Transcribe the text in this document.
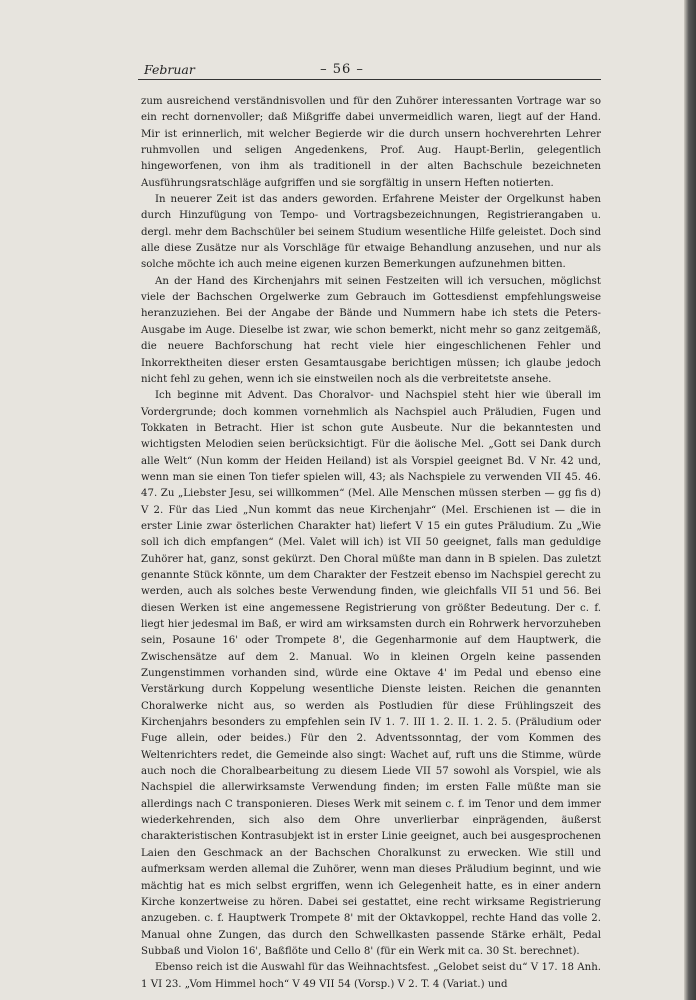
Februar	– 56 –

zum ausreichend verständnisvollen und für den Zuhörer interessanten Vortrage war so ein recht dornenvoller; daß Mißgriffe dabei unvermeidlich waren, liegt auf der Hand. Mir ist erinnerlich, mit welcher Begierde wir die durch unsern hochverehrten Lehrer ruhmvollen und seligen Angedenkens, Prof. Aug. Haupt-Berlin, gelegentlich hingeworfenen, von ihm als traditionell in der alten Bachschule bezeichneten Ausführungsratschläge aufgriffen und sie sorgfältig in unsern Heften notierten.

In neuerer Zeit ist das anders geworden. Erfahrene Meister der Orgelkunst haben durch Hinzufügung von Tempo- und Vortragsbezeichnungen, Registrierangaben u. dergl. mehr dem Bachschüler bei seinem Studium wesentliche Hilfe geleistet. Doch sind alle diese Zusätze nur als Vorschläge für etwaige Behandlung anzusehen, und nur als solche möchte ich auch meine eigenen kurzen Bemerkungen aufzunehmen bitten.

An der Hand des Kirchenjahrs mit seinen Festzeiten will ich versuchen, möglichst viele der Bachschen Orgelwerke zum Gebrauch im Gottesdienst empfehlungsweise heranzuziehen. Bei der Angabe der Bände und Nummern habe ich stets die Peters-Ausgabe im Auge. Dieselbe ist zwar, wie schon bemerkt, nicht mehr so ganz zeitgemäß, die neuere Bachforschung hat recht viele hier eingeschlichenen Fehler und Inkorrektheiten dieser ersten Gesamtausgabe berichtigen müssen; ich glaube jedoch nicht fehl zu gehen, wenn ich sie einstweilen noch als die verbreitetste ansehe.

Ich beginne mit Advent. Das Choralvor- und Nachspiel steht hier wie überall im Vordergrunde; doch kommen vornehmlich als Nachspiel auch Präludien, Fugen und Tokkaten in Betracht. Hier ist schon gute Ausbeute. Nur die bekanntesten und wichtigsten Melodien seien berücksichtigt. Für die äolische Mel. „Gott sei Dank durch alle Welt“ (Nun komm der Heiden Heiland) ist als Vorspiel geeignet Bd. V Nr. 42 und, wenn man sie einen Ton tiefer spielen will, 43; als Nachspiele zu verwenden VII 45. 46. 47. Zu „Liebster Jesu, sei willkommen“ (Mel. Alle Menschen müssen sterben — gg fis d) V 2. Für das Lied „Nun kommt das neue Kirchenjahr“ (Mel. Erschienen ist — die in erster Linie zwar österlichen Charakter hat) liefert V 15 ein gutes Präludium. Zu „Wie soll ich dich empfangen“ (Mel. Valet will ich) ist VII 50 geeignet, falls man geduldige Zuhörer hat, ganz, sonst gekürzt. Den Choral müßte man dann in B spielen. Das zuletzt genannte Stück könnte, um dem Charakter der Festzeit ebenso im Nachspiel gerecht zu werden, auch als solches beste Verwendung finden, wie gleichfalls VII 51 und 56. Bei diesen Werken ist eine angemessene Registrierung von größter Bedeutung. Der c. f. liegt hier jedesmal im Baß, er wird am wirksamsten durch ein Rohrwerk hervorzuheben sein, Posaune 16' oder Trompete 8', die Gegenharmonie auf dem Hauptwerk, die Zwischensätze auf dem 2. Manual. Wo in kleinen Orgeln keine passenden Zungenstimmen vorhanden sind, würde eine Oktave 4' im Pedal und ebenso eine Verstärkung durch Koppelung wesentliche Dienste leisten. Reichen die genannten Choralwerke nicht aus, so werden als Postludien für diese Frühlingszeit des Kirchenjahrs besonders zu empfehlen sein IV 1. 7. III 1. 2. II. 1. 2. 5. (Präludium oder Fuge allein, oder beides.) Für den 2. Adventssonntag, der vom Kommen des Weltenrichters redet, die Gemeinde also singt: Wachet auf, ruft uns die Stimme, würde auch noch die Choralbearbeitung zu diesem Liede VII 57 sowohl als Vorspiel, wie als Nachspiel die allerwirksamste Verwendung finden; im ersten Falle müßte man sie allerdings nach C transponieren. Dieses Werk mit seinem c. f. im Tenor und dem immer wiederkehrenden, sich also dem Ohre unverlierbar einprägenden, äußerst charakteristischen Kontrasubjekt ist in erster Linie geeignet, auch bei ausgesprochenen Laien den Geschmack an der Bachschen Choralkunst zu erwecken. Wie still und aufmerksam werden allemal die Zuhörer, wenn man dieses Präludium beginnt, und wie mächtig hat es mich selbst ergriffen, wenn ich Gelegenheit hatte, es in einer andern Kirche konzertweise zu hören. Dabei sei gestattet, eine recht wirksame Registrierung anzugeben. c. f. Hauptwerk Trompete 8' mit der Oktavkoppel, rechte Hand das volle 2. Manual ohne Zungen, das durch den Schwellkasten passende Stärke erhält, Pedal Subbaß und Violon 16', Baßflöte und Cello 8' (für ein Werk mit ca. 30 St. berechnet).

Ebenso reich ist die Auswahl für das Weihnachtsfest. „Gelobet seist du“ V 17. 18 Anh. 1 VI 23. „Vom Himmel hoch“ V 49 VII 54 (Vorsp.) V 2. T. 4 (Variat.) und
